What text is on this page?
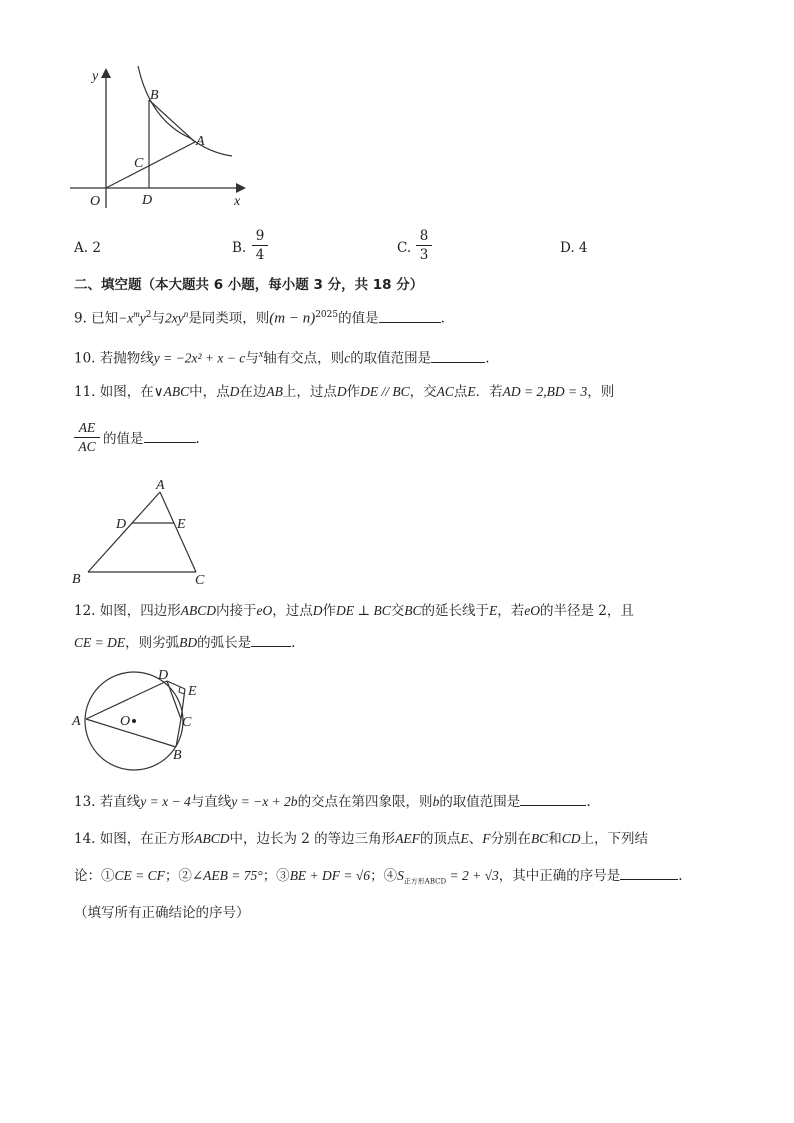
y
x
O
B
A
C
D
A. 2	B.
9
4	C.
8
3	D. 4
二、填空题（本大题共 6 小题，每小题 3 分，共 18 分）
9. 已知$-x^my^2$与$2xy^n$是同类项，则$(m - n)^{2025}$的值是	.
10. 若抛物线y = −2x² + x − c与$^x$轴有交点，则c的取值范围是	.
11. 如图，在∨ABC中，点D在边AB上，过点D作DE // BC，交AC点E．若AD = 2,BD = 3，则
AE
AC 的值是	.
A
D	E
B	C
12. 如图，四边形ABCD内接于eO，过点D作DE ⊥ BC交BC的延长线于E，若eO的半径是 2，且
CE = DE，则劣弧BD的弧长是	.
A	O
D
E
C
B
13. 若直线y = x − 4与直线y = −x + 2b的交点在第四象限，则b的取值范围是	.
14. 如图，在正方形ABCD中，边长为 2 的等边三角形AEF的顶点E、F分别在BC和CD上，下列结
论：①CE = CF；②∠AEB = 75°；③BE + DF = √6；$④S_{正方形ABCD} = 2 + √3$，其中正确的序号是	.
（填写所有正确结论的序号）
